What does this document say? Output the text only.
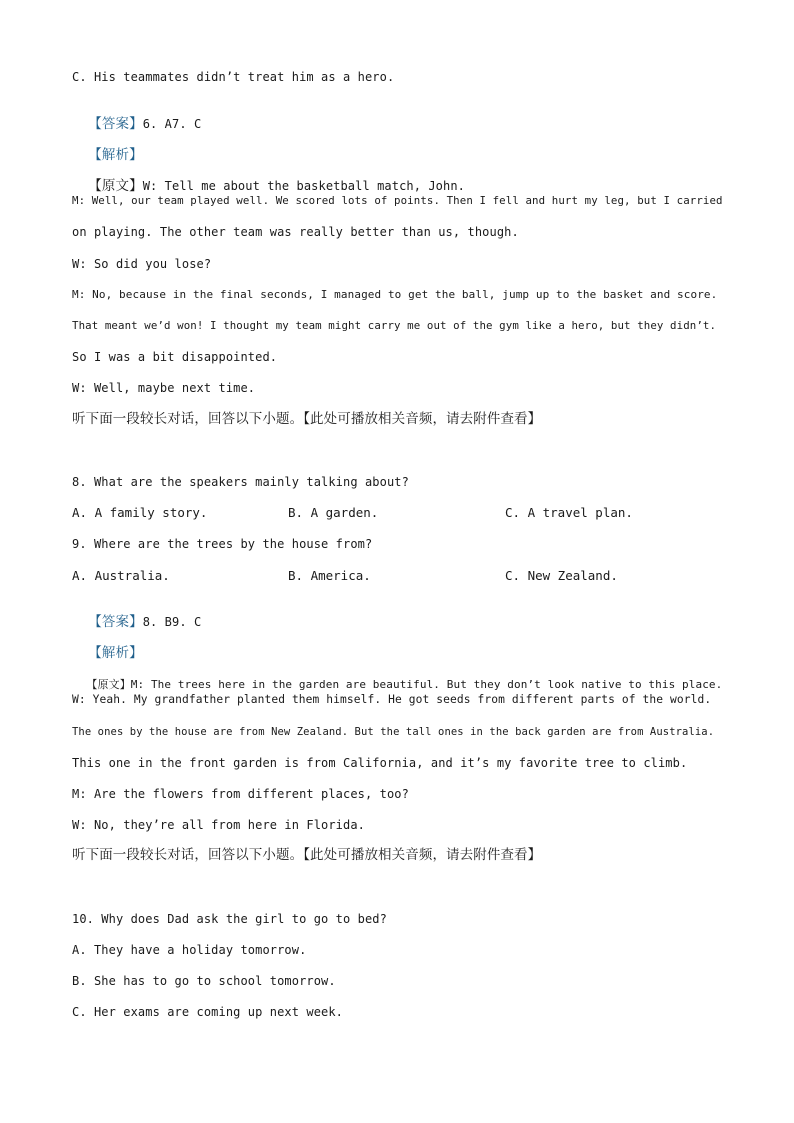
C. His teammates didn’t treat him as a hero.

【答案】6. A7. C

【解析】

【原文】W: Tell me about the basketball match, John.

M: Well, our team played well. We scored lots of points. Then I fell and hurt my leg, but I carried
on playing. The other team was really better than us, though.
W: So did you lose?
M: No, because in the final seconds, I managed to get the ball, jump up to the basket and score.
That meant we’d won! I thought my team might carry me out of the gym like a hero, but they didn’t.
So I was a bit disappointed.
W: Well, maybe next time.
听下面一段较长对话，回答以下小题。【此处可播放相关音频，请去附件查看】
8. What are the speakers mainly talking about?
A. A family story.	B. A garden.	C. A travel plan.
9. Where are the trees by the house from?
A. Australia.	B. America.	C. New Zealand.

【答案】8. B9. C

【解析】

【原文】M: The trees here in the garden are beautiful. But they don’t look native to this place.

W: Yeah. My grandfather planted them himself. He got seeds from different parts of the world.
The ones by the house are from New Zealand. But the tall ones in the back garden are from Australia.
This one in the front garden is from California, and it’s my favorite tree to climb.
M: Are the flowers from different places, too?
W: No, they’re all from here in Florida.
听下面一段较长对话，回答以下小题。【此处可播放相关音频，请去附件查看】
10. Why does Dad ask the girl to go to bed?
A. They have a holiday tomorrow.
B. She has to go to school tomorrow.
C. Her exams are coming up next week.
